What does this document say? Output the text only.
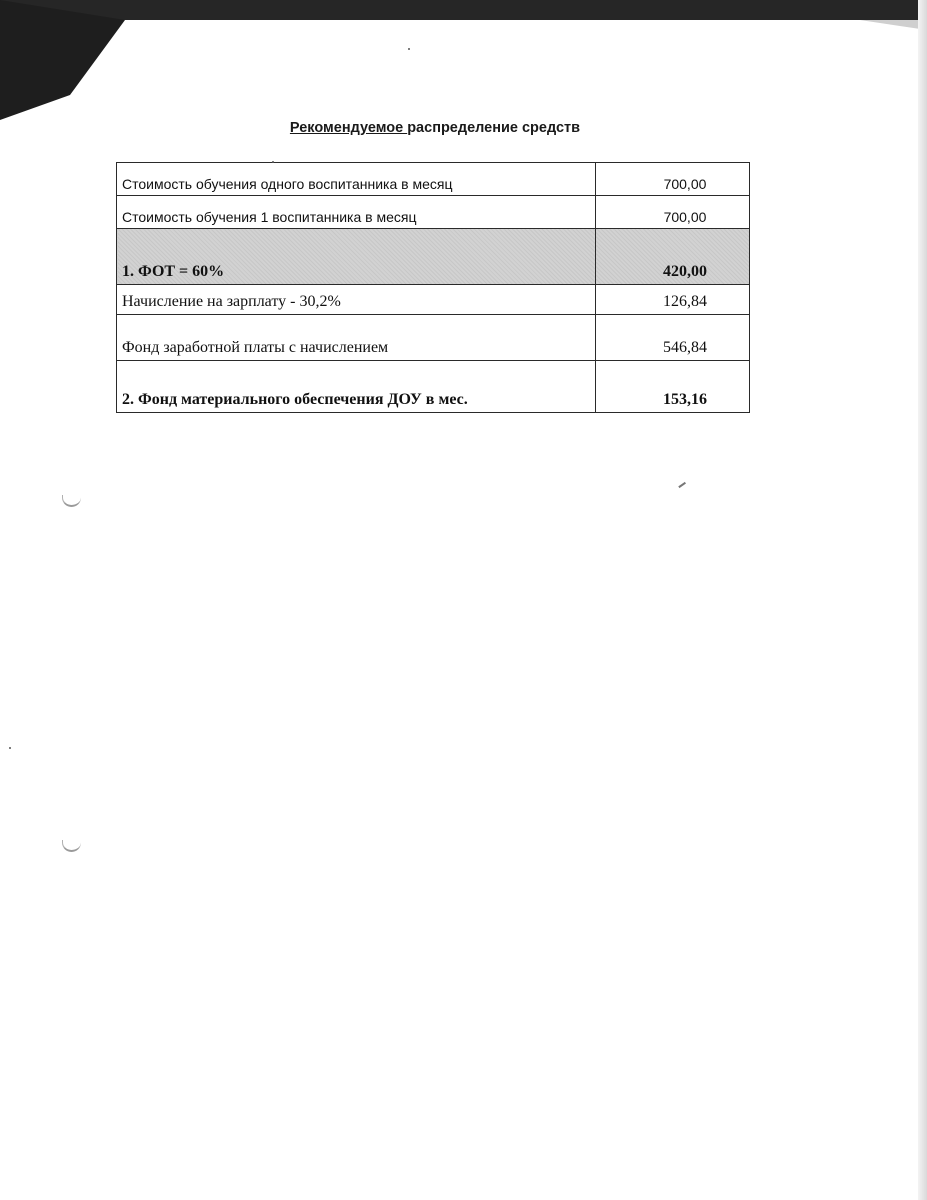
Рекомендуемое распределение средств
Стоимость обучения одного воспитанника в месяц	700,00
Стоимость обучения 1 воспитанника в месяц	700,00
1. ФОТ = 60%	420,00
Начисление на зарплату - 30,2%	126,84
Фонд заработной платы с начислением	546,84
2. Фонд материального обеспечения ДОУ в мес.	153,16
